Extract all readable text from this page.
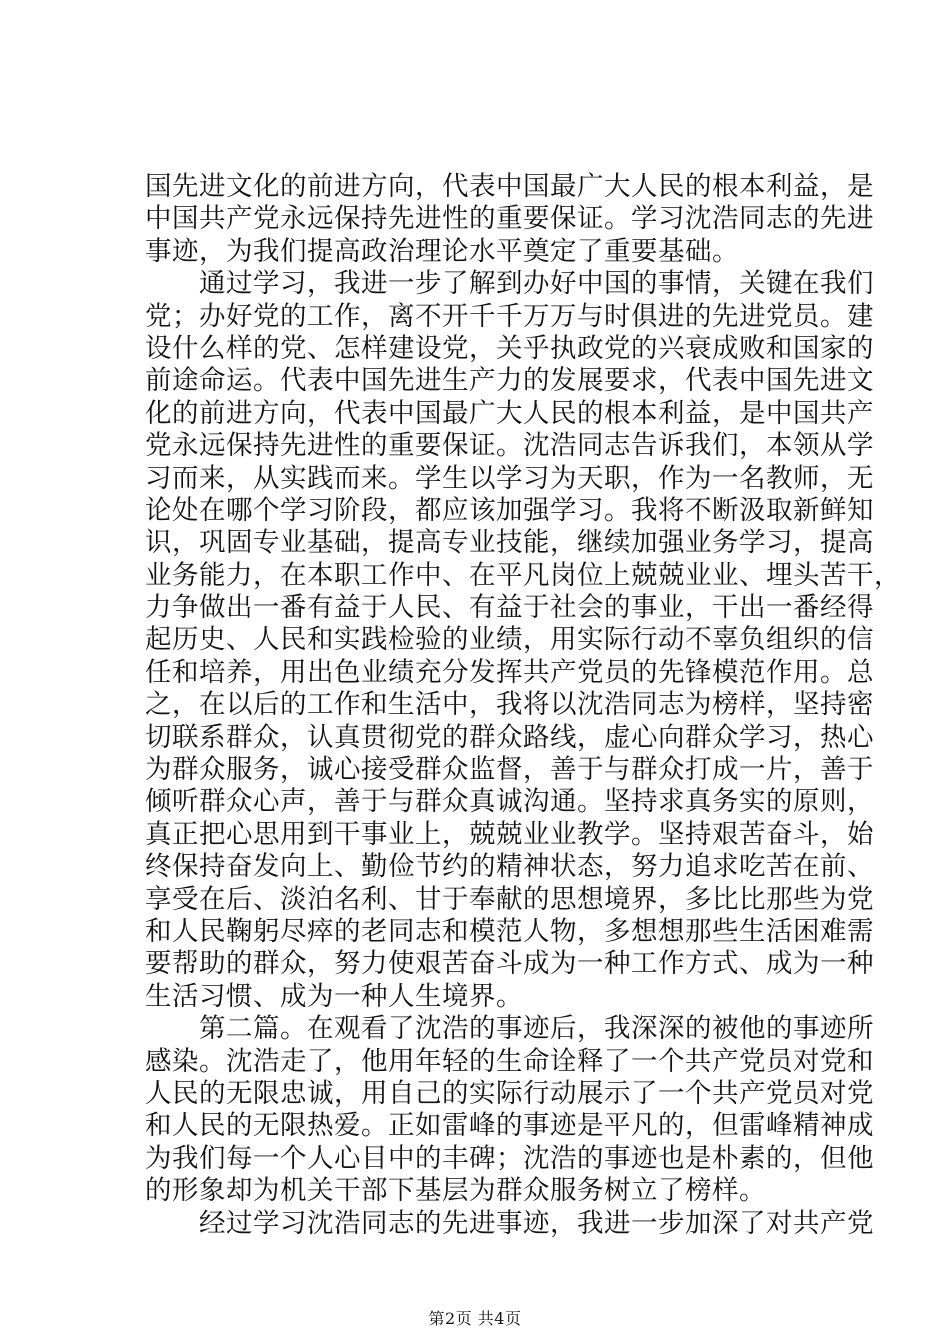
国先进文化的前进方向，代表中国最广大人民的根本利益，是
中国共产党永远保持先进性的重要保证。学习沈浩同志的先进
事迹，为我们提高政治理论水平奠定了重要基础。
　　通过学习，我进一步了解到办好中国的事情，关键在我们
党；办好党的工作，离不开千千万万与时俱进的先进党员。建
设什么样的党、怎样建设党，关乎执政党的兴衰成败和国家的
前途命运。代表中国先进生产力的发展要求，代表中国先进文
化的前进方向，代表中国最广大人民的根本利益，是中国共产
党永远保持先进性的重要保证。沈浩同志告诉我们，本领从学
习而来，从实践而来。学生以学习为天职，作为一名教师，无
论处在哪个学习阶段，都应该加强学习。我将不断汲取新鲜知
识，巩固专业基础，提高专业技能，继续加强业务学习，提高
业务能力，在本职工作中、在平凡岗位上兢兢业业、埋头苦干，
力争做出一番有益于人民、有益于社会的事业，干出一番经得
起历史、人民和实践检验的业绩，用实际行动不辜负组织的信
任和培养，用出色业绩充分发挥共产党员的先锋模范作用。总
之，在以后的工作和生活中，我将以沈浩同志为榜样，坚持密
切联系群众，认真贯彻党的群众路线，虚心向群众学习，热心
为群众服务，诚心接受群众监督，善于与群众打成一片，善于
倾听群众心声，善于与群众真诚沟通。坚持求真务实的原则，
真正把心思用到干事业上，兢兢业业教学。坚持艰苦奋斗，始
终保持奋发向上、勤俭节约的精神状态，努力追求吃苦在前、
享受在后、淡泊名利、甘于奉献的思想境界，多比比那些为党
和人民鞠躬尽瘁的老同志和模范人物，多想想那些生活困难需
要帮助的群众，努力使艰苦奋斗成为一种工作方式、成为一种
生活习惯、成为一种人生境界。
　　第二篇。在观看了沈浩的事迹后，我深深的被他的事迹所
感染。沈浩走了，他用年轻的生命诠释了一个共产党员对党和
人民的无限忠诚，用自己的实际行动展示了一个共产党员对党
和人民的无限热爱。正如雷峰的事迹是平凡的，但雷峰精神成
为我们每一个人心目中的丰碑；沈浩的事迹也是朴素的，但他
的形象却为机关干部下基层为群众服务树立了榜样。
　　经过学习沈浩同志的先进事迹，我进一步加深了对共产党
第2页 共4页
